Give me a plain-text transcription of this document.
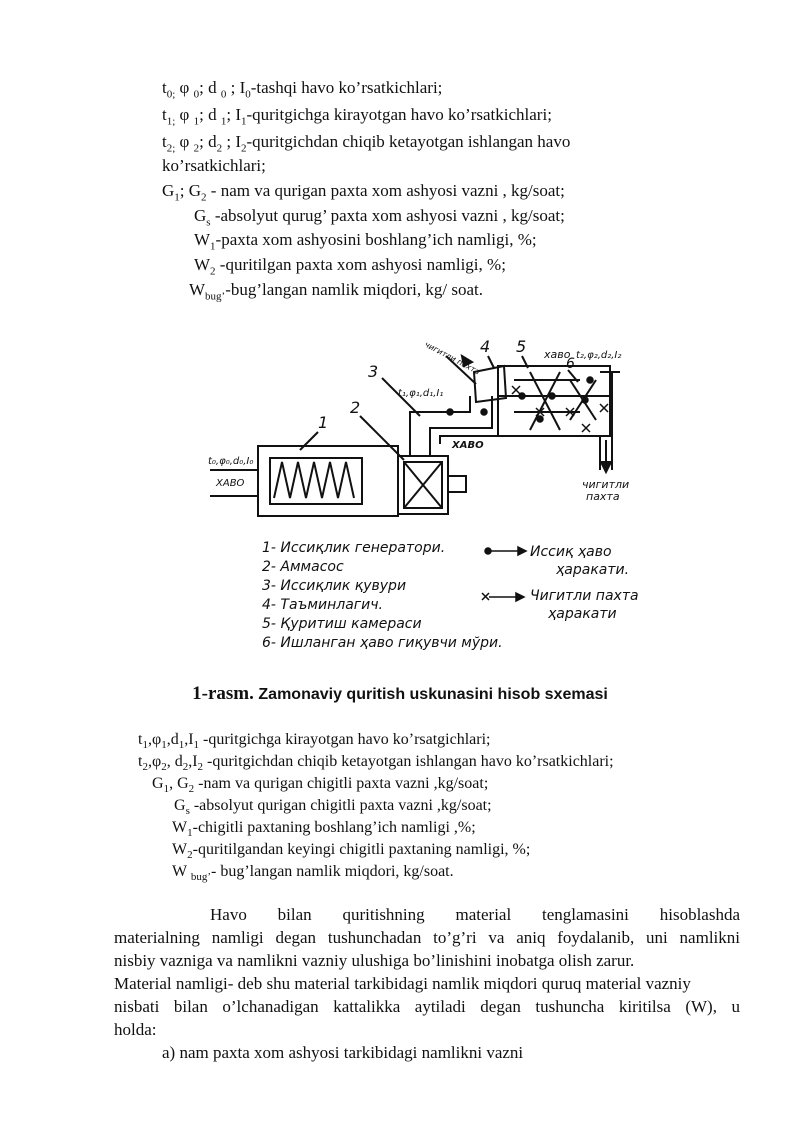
$t_{0;}$ φ $_0$; d $_0$ ; $I_0$-tashqi havo ko’rsatkichlari;
$t_{1;}$ φ $_1$; d $_1$; $I_1$-quritgichga kirayotgan havo ko’rsatkichlari;
$t_{2;}$ φ $_2$; $d_2$ ; $I_2$-quritgichdan chiqib ketayotgan ishlangan havo
ko’rsatkichlari;
$G_1$; $G_2$ - nam va qurigan paxta xom ashyosi vazni , kg/soat;
$G_s$ -absolyut qurug’ paxta xom ashyosi vazni , kg/soat;
$W_1$-paxta xom ashyosini boshlang’ich namligi, %;
$W_2$ -quritilgan paxta xom ashyosi namligi, %;
$W_{bug’}-bug’langan$ namlik miqdori, kg/ soat.
1
2
3
4 5
6
t₀,φ₀,d₀,I₀
ХАВО
t₁,φ₁,d₁,I₁
ХАВО
хаво t₂,φ₂,d₂,I₂
чигитли пахта
чигитли
пахта
1- Иссиқлик генератори.
2- Аммасос
3- Иссиқлик қувури
4- Таъминлагич.
5- Қуритиш камераси
6- Ишланган ҳаво гиқувчи мўри.
Иссиқ ҳаво
ҳаракати.
Чигитли пахта
ҳаракати
1-rasm. Zamonaviy quritish uskunasini hisob sxemasi
$t_1,\varphi_1,d_1,I_1$ -quritgichga kirayotgan havo ko’rsatgichlari;
$t_2,\varphi_2$, $d_2,I_2$ -quritgichdan chiqib ketayotgan ishlangan havo ko’rsatkichlari;
$G_1$, $G_2$ -nam va qurigan chigitli paxta vazni ,kg/soat;
$G_s$ -absolyut qurigan chigitli paxta vazni ,kg/soat;
$W_1$-chigitli paxtaning boshlang’ich namligi ,%;
$W_2$-quritilgandan keyingi chigitli paxtaning namligi, %;
W $_{bug’}$- bug’langan namlik miqdori, kg/soat.
Havo bilan quritishning material tenglamasini hisoblashda
materialning namligi degan tushunchadan to’g’ri va aniq foydalanib, uni namlikni
nisbiy vazniga va namlikni vazniy ulushiga bo’linishini inobatga olish zarur.
Material namligi- deb shu material tarkibidagi namlik miqdori quruq material vazniy
nisbati bilan o’lchanadigan kattalikka aytiladi degan tushuncha kiritilsa (W), u
holda:
a) nam paxta xom ashyosi tarkibidagi namlikni vazni
